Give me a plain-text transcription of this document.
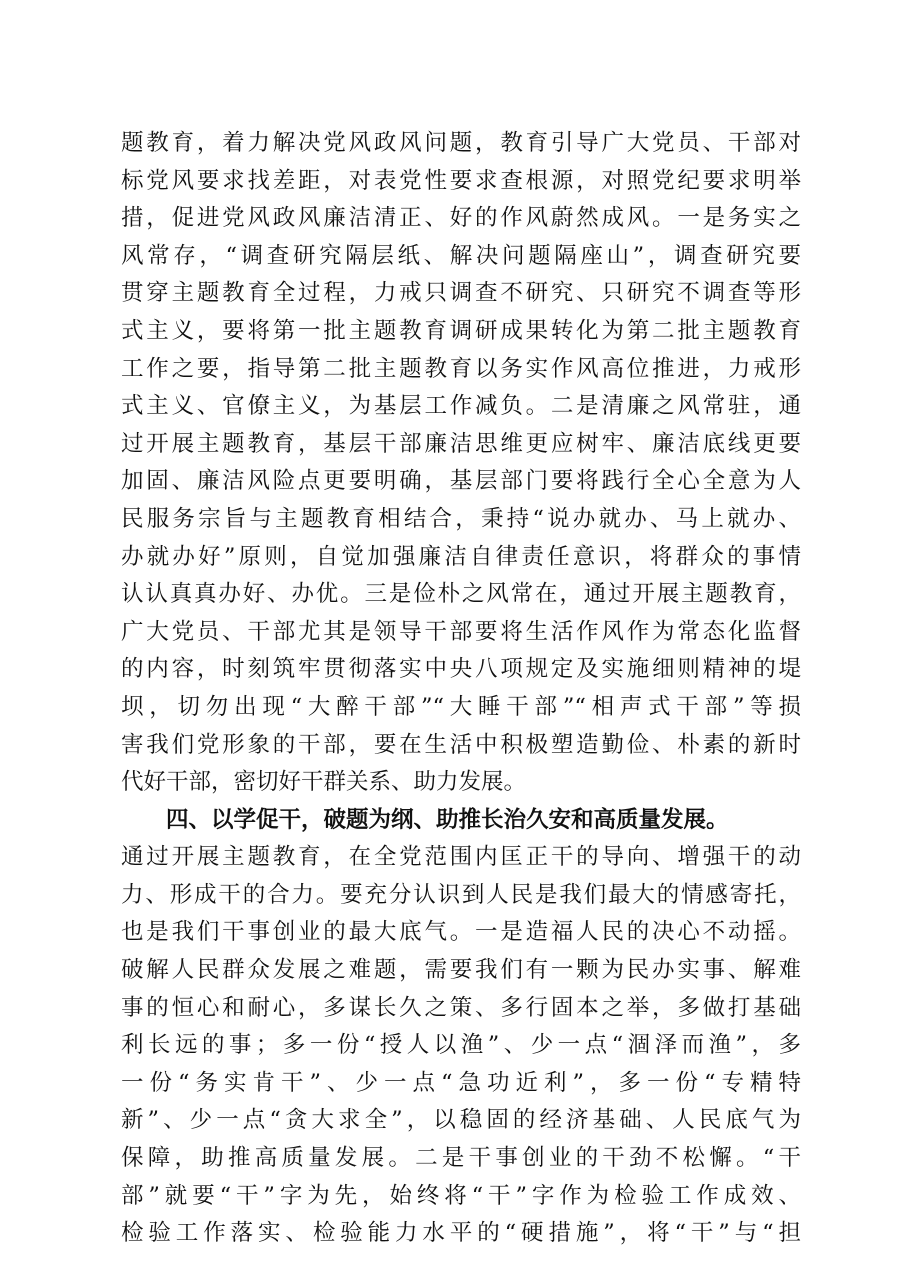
题教育，着力解决党风政风问题，教育引导广大党员、干部对
标党风要求找差距，对表党性要求查根源，对照党纪要求明举
措，促进党风政风廉洁清正、好的作风蔚然成风。一是务实之
风常存，“调查研究隔层纸、解决问题隔座山”，调查研究要
贯穿主题教育全过程，力戒只调查不研究、只研究不调查等形
式主义，要将第一批主题教育调研成果转化为第二批主题教育
工作之要，指导第二批主题教育以务实作风高位推进，力戒形
式主义、官僚主义，为基层工作减负。二是清廉之风常驻，通
过开展主题教育，基层干部廉洁思维更应树牢、廉洁底线更要
加固、廉洁风险点更要明确，基层部门要将践行全心全意为人
民服务宗旨与主题教育相结合，秉持“说办就办、马上就办、
办就办好”原则，自觉加强廉洁自律责任意识，将群众的事情
认认真真办好、办优。三是俭朴之风常在，通过开展主题教育，
广大党员、干部尤其是领导干部要将生活作风作为常态化监督
的内容，时刻筑牢贯彻落实中央八项规定及实施细则精神的堤
坝，切勿出现“大醉干部”“大睡干部”“相声式干部”等损
害我们党形象的干部，要在生活中积极塑造勤俭、朴素的新时
代好干部，密切好干群关系、助力发展。
四、以学促干，破题为纲、助推长治久安和高质量发展。
通过开展主题教育，在全党范围内匡正干的导向、增强干的动
力、形成干的合力。要充分认识到人民是我们最大的情感寄托，
也是我们干事创业的最大底气。一是造福人民的决心不动摇。
破解人民群众发展之难题，需要我们有一颗为民办实事、解难
事的恒心和耐心，多谋长久之策、多行固本之举，多做打基础
利长远的事；多一份“授人以渔”、少一点“涸泽而渔”，多
一份“务实肯干”、少一点“急功近利”，多一份“专精特
新”、少一点“贪大求全”，以稳固的经济基础、人民底气为
保障，助推高质量发展。二是干事创业的干劲不松懈。“干
部”就要“干”字为先，始终将“干”字作为检验工作成效、
检验工作落实、检验能力水平的“硬措施”，将“干”与“担
